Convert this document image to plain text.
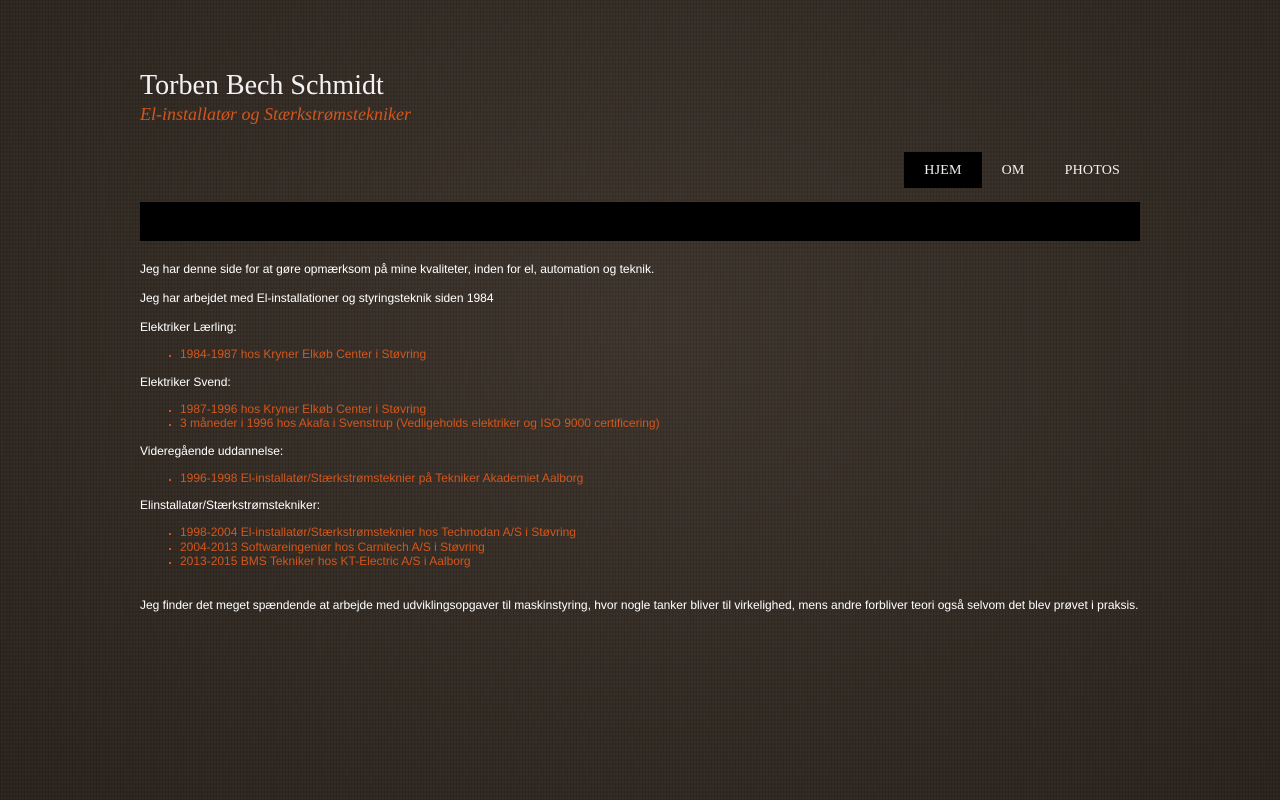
Torben Bech Schmidt
El-installatør og Stærkstrømstekniker
HJEM	OM	PHOTOS

Jeg har denne side for at gøre opmærksom på mine kvaliteter, inden for el, automation og teknik.

Jeg har arbejdet med El-installationer og styringsteknik siden 1984

Elektriker Lærling:

▪ 1984-1987 hos Kryner Elkøb Center i Støvring

Elektriker Svend:

▪ 1987-1996 hos Kryner Elkøb Center i Støvring
▪ 3 måneder i 1996 hos Akafa i Svenstrup (Vedligeholds elektriker og ISO 9000 certificering)

Videregående uddannelse:

▪ 1996-1998 El-installatør/Stærkstrømsteknier på Tekniker Akademiet Aalborg

Elinstallatør/Stærkstrømstekniker:

▪ 1998-2004 El-installatør/Stærkstrømsteknier hos Technodan A/S i Støvring
▪ 2004-2013 Softwareingeniør hos Carnitech A/S i Støvring
▪ 2013-2015 BMS Tekniker hos KT-Electric A/S i Aalborg

Jeg finder det meget spændende at arbejde med udviklingsopgaver til maskinstyring, hvor nogle tanker bliver til virkelighed, mens andre forbliver teori også selvom det blev prøvet i praksis.
